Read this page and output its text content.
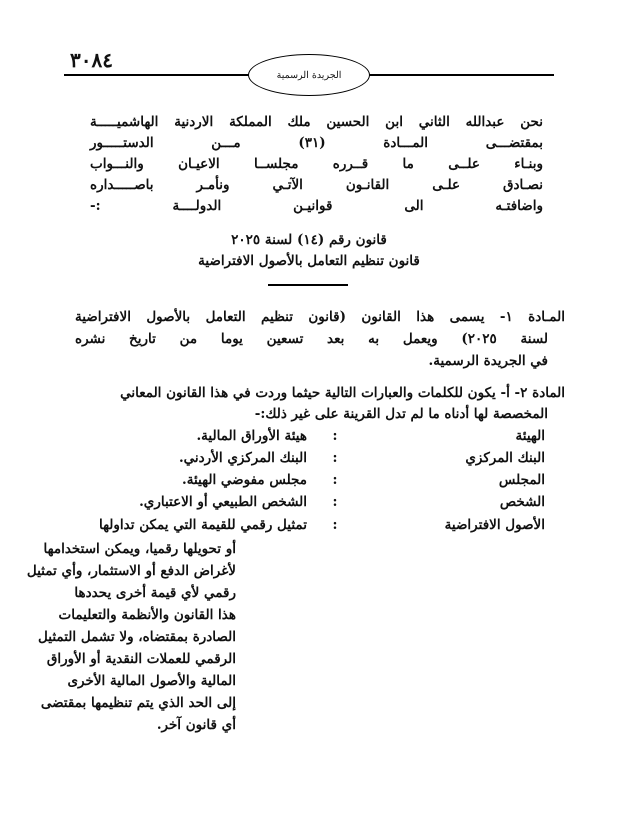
٣٠٨٤
الجريدة الرسمية
نحن عبدالله الثاني ابن الحسين ملك المملكة الاردنية الهاشميـــــة
بمقتضـــى المـــادة (٣١) مـــن الدستـــــور
وبنـاء علــى ما قــرره مجلســا الاعيـان والنـــواب
نصـادق علـى القانـون الآتـي ونأمـر باصـــــداره
واضافتـه الى قوانيـن الدولــــة :-
قانون رقم (١٤) لسنة ٢٠٢٥
قانون تنظيم التعامل بالأصول الافتراضية
المـادة ١- يسمى هذا القانون (قانون تنظيم التعامل بالأصول الافتراضية
لسنة ٢٠٢٥) ويعمل به بعد تسعين يوما من تاريخ نشره
في الجريدة الرسمية.
المادة ٢- أ- يكون للكلمات والعبارات التالية حيثما وردت في هذا القانون المعاني
المخصصة لها أدناه ما لم تدل القرينة على غير ذلك:-
الهيئة
:
هيئة الأوراق المالية.
البنك المركزي
:
البنك المركزي الأردني.
المجلس
:
مجلس مفوضي الهيئة.
الشخص
:
الشخص الطبيعي أو الاعتباري.
الأصول الافتراضية
:
تمثيل رقمي للقيمة التي يمكن تداولها
أو تحويلها رقميا، ويمكن استخدامها
لأغراض الدفع أو الاستثمار، وأي تمثيل
رقمي لأي قيمة أخرى يحددها
هذا القانون والأنظمة والتعليمات
الصادرة بمقتضاه، ولا تشمل التمثيل
الرقمي للعملات النقدية أو الأوراق
المالية والأصول المالية الأخرى
إلى الحد الذي يتم تنظيمها بمقتضى
أي قانون آخر.
